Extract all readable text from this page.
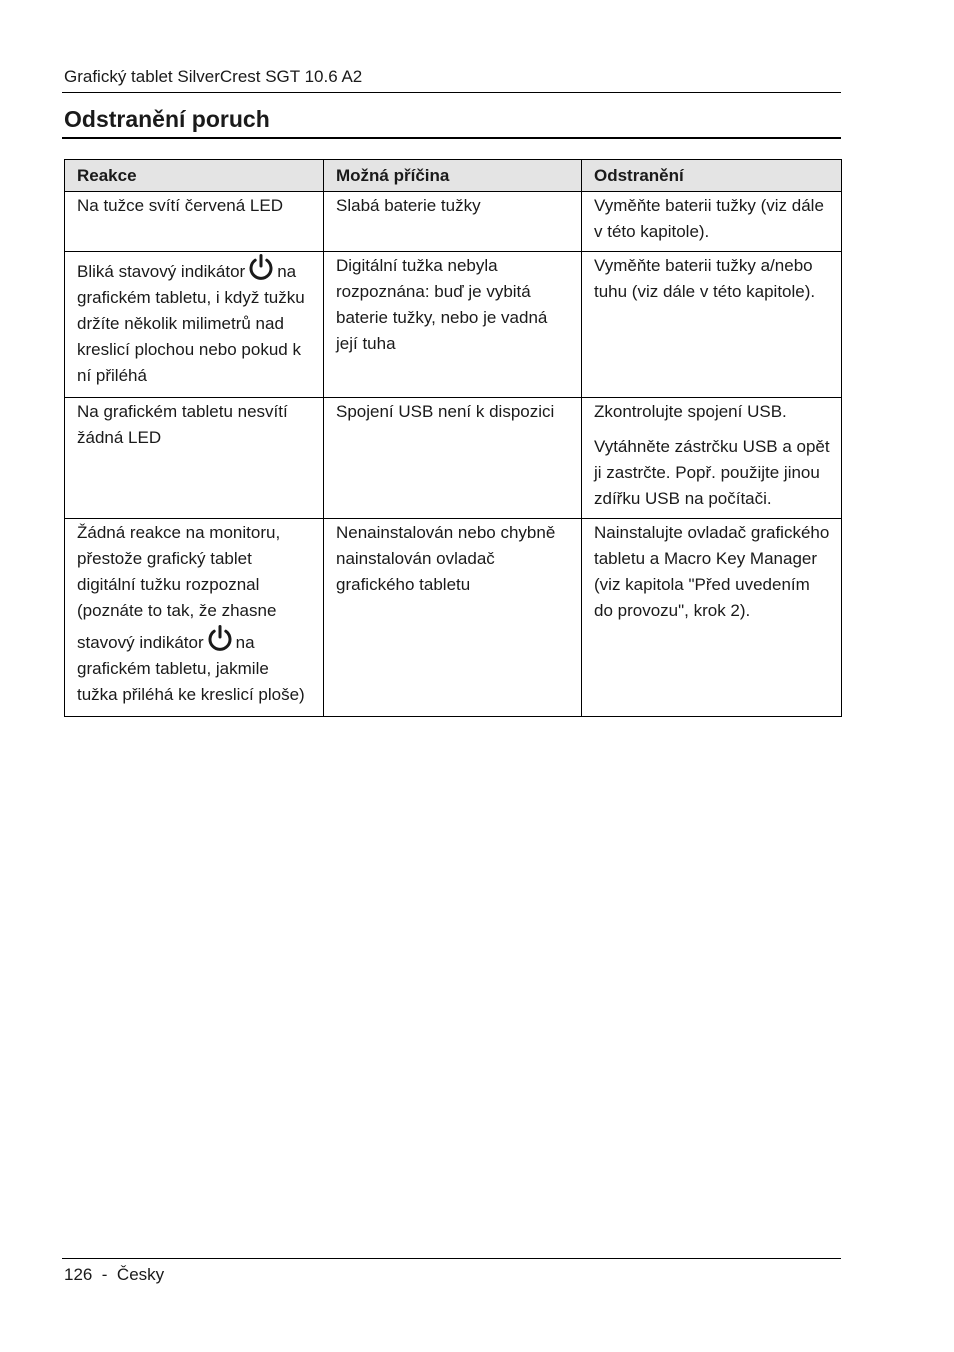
Grafický tablet SilverCrest SGT 10.6 A2
Odstranění poruch
Reakce	Možná příčina	Odstranění
Na tužce svítí červená LED	Slabá baterie tužky	Vyměňte baterii tužky (viz dále v této kapitole).
Bliká stavový indikátor na grafickém tabletu, i když tužku držíte několik milimetrů nad kreslicí plochou nebo pokud k ní přiléhá	Digitální tužka nebyla rozpoznána: buď je vybitá baterie tužky, nebo je vadná její tuha	Vyměňte baterii tužky a/nebo tuhu (viz dále v této kapitole).
Na grafickém tabletu nesvítí žádná LED	Spojení USB není k dispozici	Zkontrolujte spojení USB.
Vytáhněte zástrčku USB a opět ji zastrčte. Popř. použijte jinou zdířku USB na počítači.

Žádná reakce na monitoru, přestože grafický tablet digitální tužku rozpoznal (poznáte to tak, že zhasne stavový indikátor na grafickém tabletu, jakmile tužka přiléhá ke kreslicí ploše)	Nenainstalován nebo chybně nainstalován ovladač grafického tabletu	Nainstalujte ovladač grafického tabletu a Macro Key Manager
(viz kapitola "Před uvedením do provozu", krok 2).
126  -  Česky
